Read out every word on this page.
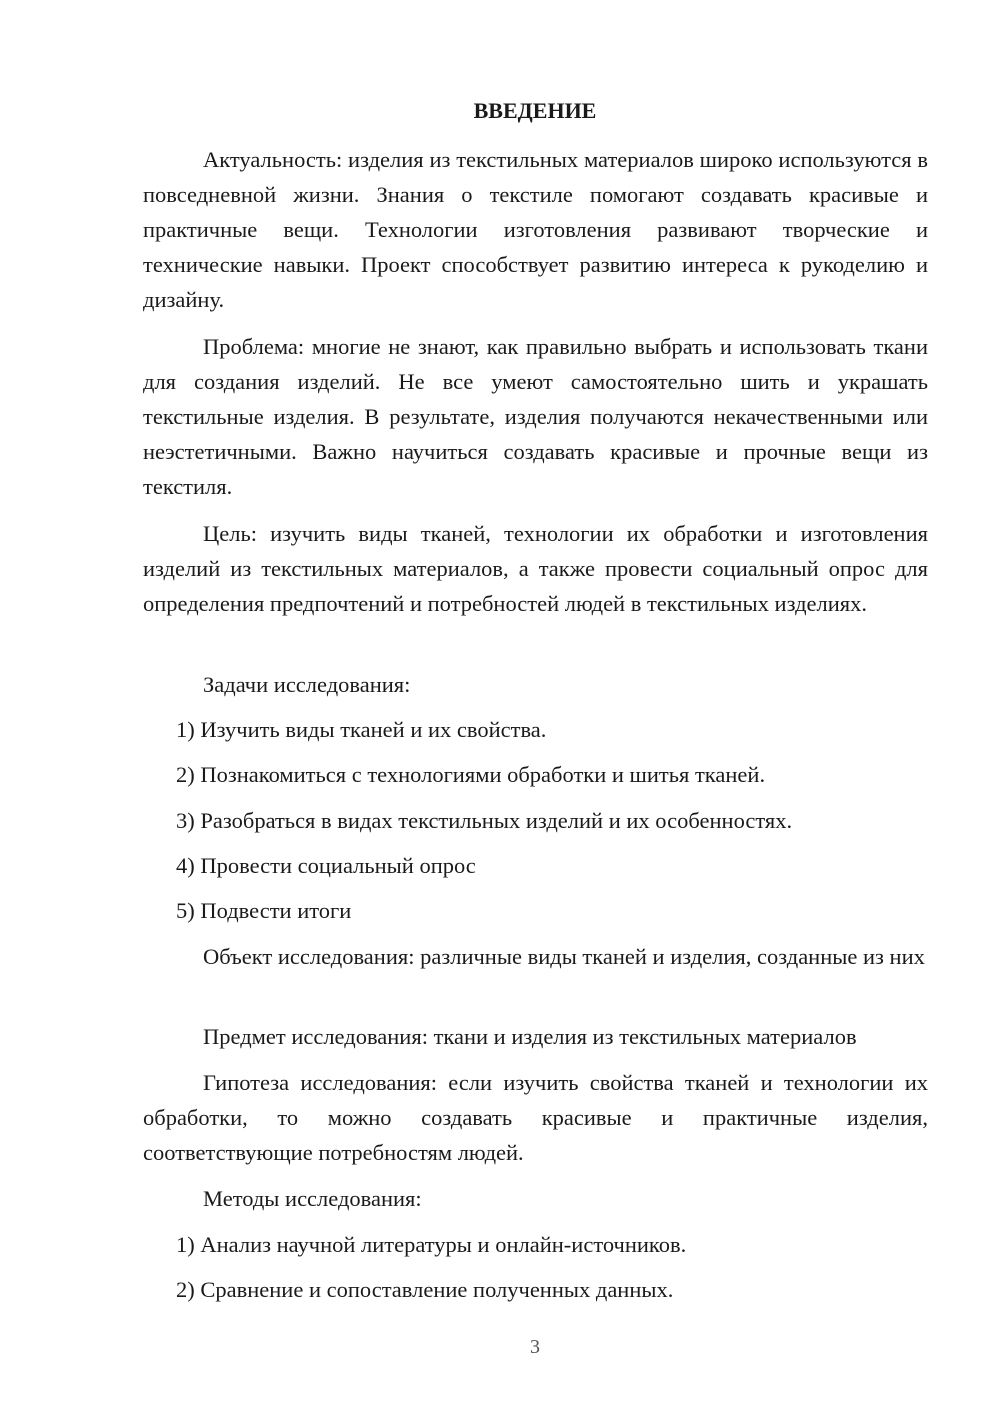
ВВЕДЕНИЕ

Актуальность: изделия из текстильных материалов широко используются в повседневной жизни. Знания о текстиле помогают создавать красивые и практичные вещи. Технологии изготовления развивают творческие и технические навыки. Проект способствует развитию интереса к рукоделию и дизайну.

Проблема: многие не знают, как правильно выбрать и использовать ткани для создания изделий. Не все умеют самостоятельно шить и украшать текстильные изделия. В результате, изделия получаются некачественными или неэстетичными. Важно научиться создавать красивые и прочные вещи из текстиля.

Цель: изучить виды тканей, технологии их обработки и изготовления изделий из текстильных материалов, а также провести социальный опрос для определения предпочтений и потребностей людей в текстильных изделиях.

Задачи исследования:

1) Изучить виды тканей и их свойства.

2) Познакомиться с технологиями обработки и шитья тканей.

3) Разобраться в видах текстильных изделий и их особенностях.

4) Провести социальный опрос

5) Подвести итоги

Объект исследования: различные виды тканей и изделия, созданные из них

Предмет исследования: ткани и изделия из текстильных материалов

Гипотеза исследования: если изучить свойства тканей и технологии их обработки, то можно создавать красивые и практичные изделия, соответствующие потребностям людей.

Методы исследования:

1) Анализ научной литературы и онлайн-источников.

2) Сравнение и сопоставление полученных данных.

3
